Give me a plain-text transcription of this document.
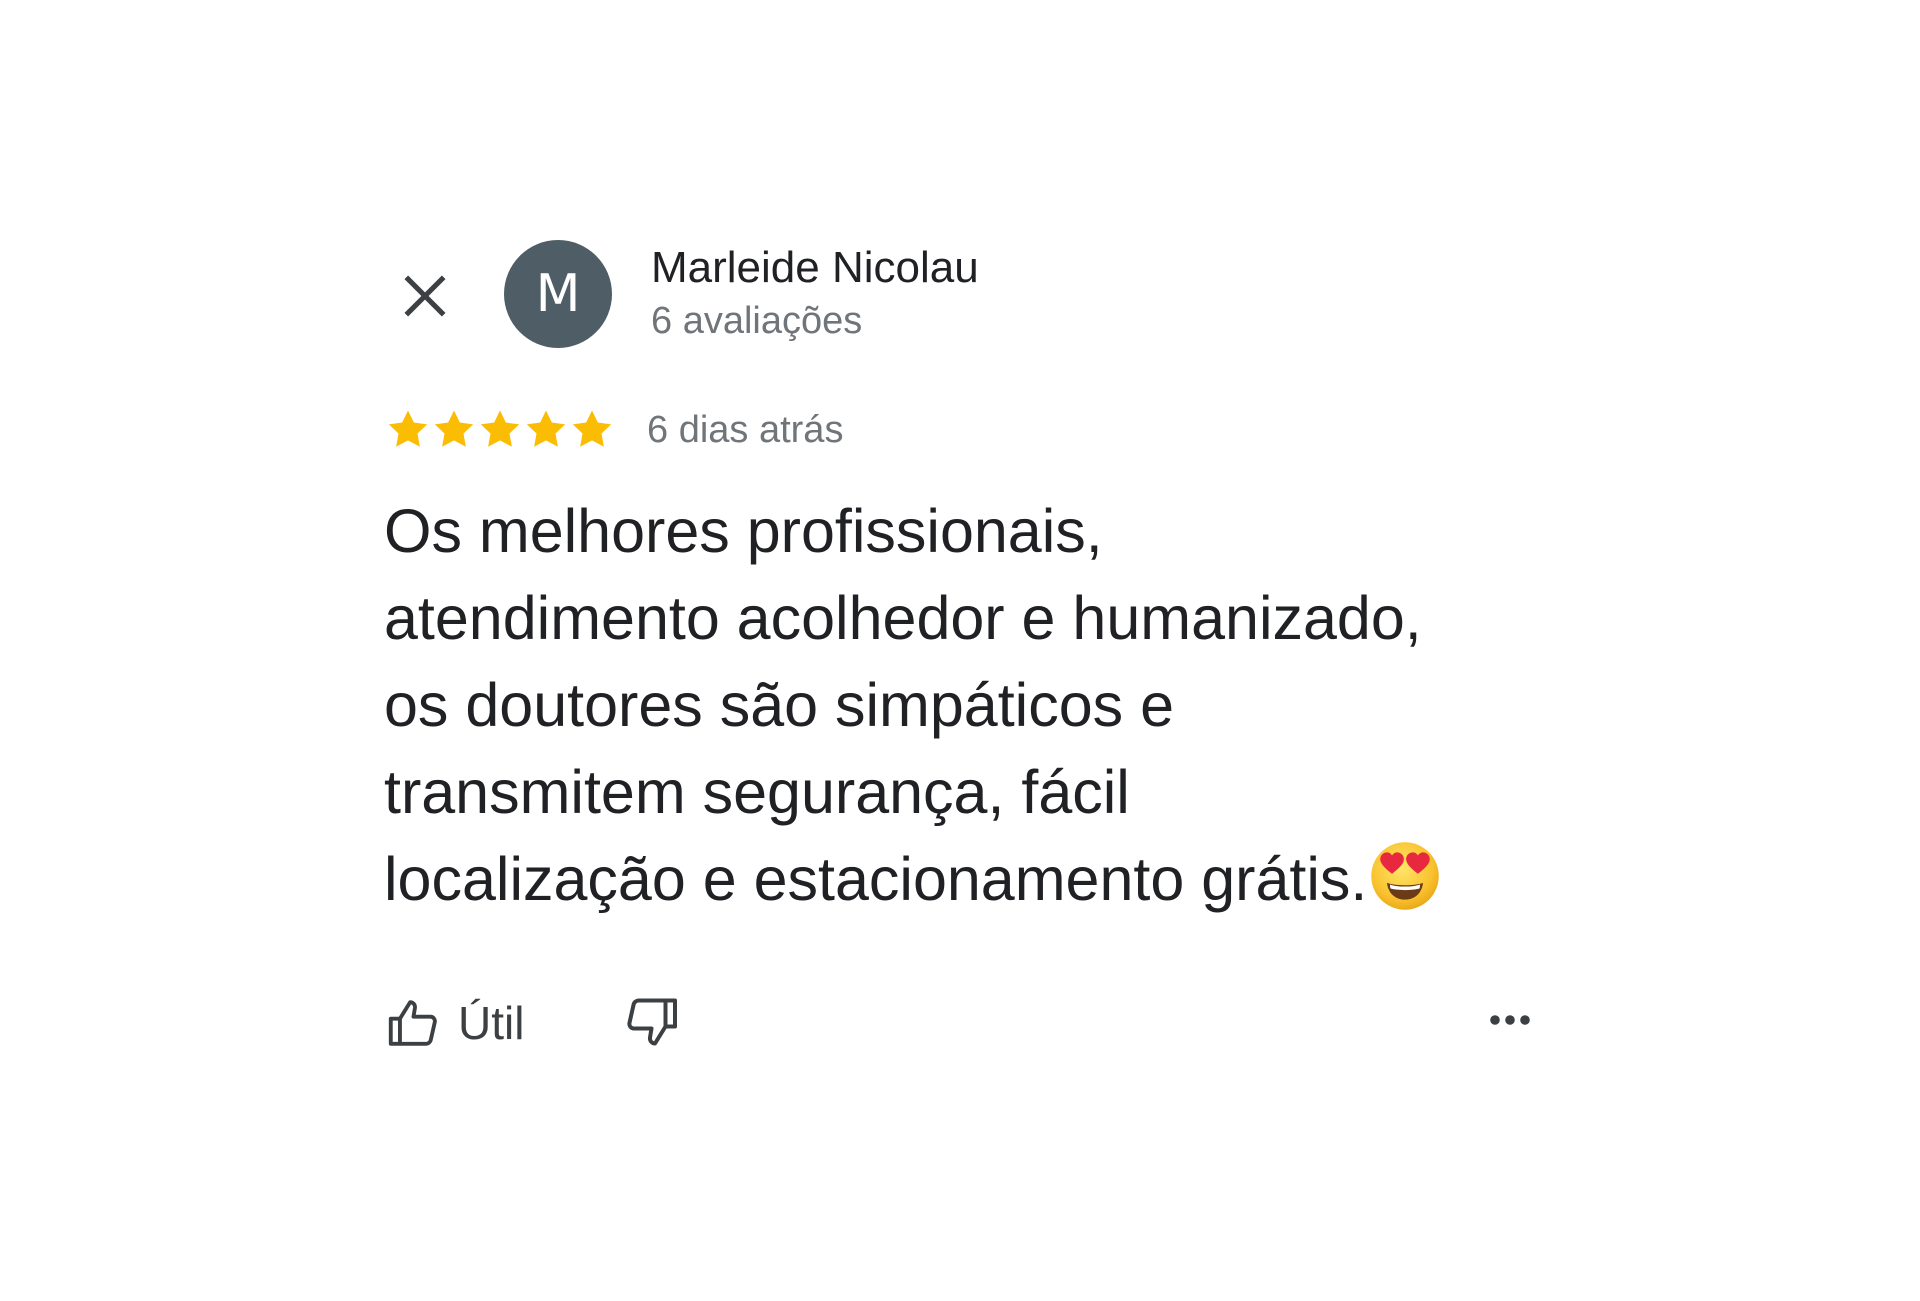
M Marleide Nicolau
6 avaliações
6 dias atrás
Os melhores profissionais,
atendimento acolhedor e humanizado,
os doutores são simpáticos e
transmitem segurança, fácil
localização e estacionamento grátis.
Útil
